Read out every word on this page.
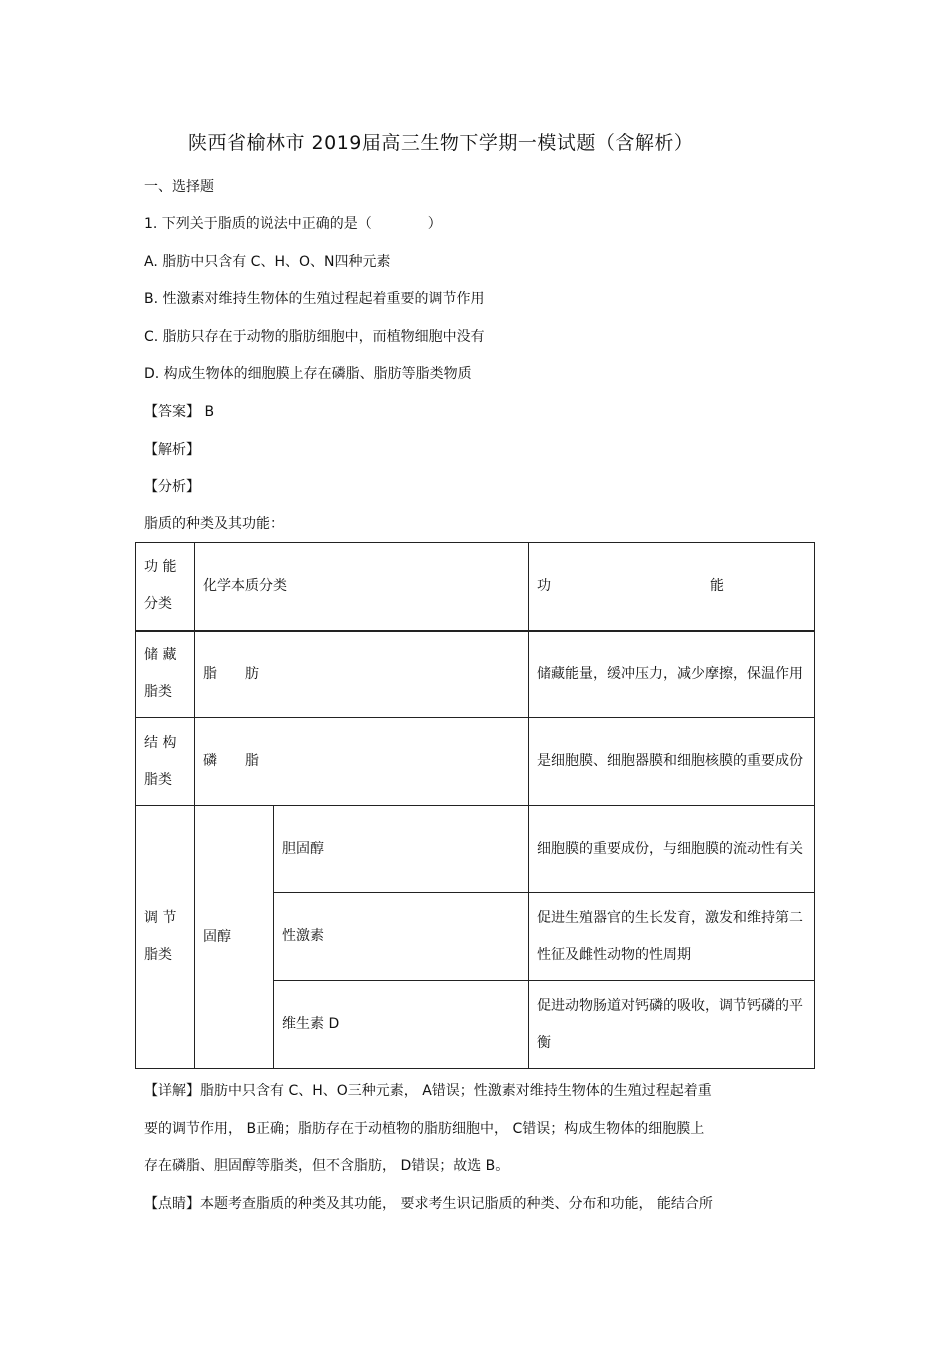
陕西省榆林市 2019届高三生物下学期一模试题（含解析）
一、选择题
1. 下列关于脂质的说法中正确的是（　　　　）
A. 脂肪中只含有 C、H、O、N四种元素
B. 性激素对维持生物体的生殖过程起着重要的调节作用
C. 脂肪只存在于动物的脂肪细胞中，而植物细胞中没有
D. 构成生物体的细胞膜上存在磷脂、脂肪等脂类物质
【答案】 B
【解析】
【分析】
脂质的种类及其功能：
功 能分类	化学本质分类		功 能

储 藏脂类	脂　　肪		储藏能量，缓冲压力，减少摩擦，保温作用
结 构脂类	磷　　脂		是细胞膜、细胞器膜和细胞核膜的重要成份
调 节脂类	固醇	胆固醇	细胞膜的重要成份，与细胞膜的流动性有关
		性激素	促进生殖器官的生长发育，激发和维持第二性征及雌性动物的性周期
		维生素 D	促进动物肠道对钙磷的吸收，调节钙磷的平衡
【详解】脂肪中只含有 C、H、O三种元素， A错误；性激素对维持生物体的生殖过程起着重
要的调节作用， B正确；脂肪存在于动植物的脂肪细胞中， C错误；构成生物体的细胞膜上
存在磷脂、胆固醇等脂类，但不含脂肪， D错误；故选 B。
【点睛】本题考查脂质的种类及其功能， 要求考生识记脂质的种类、分布和功能， 能结合所
